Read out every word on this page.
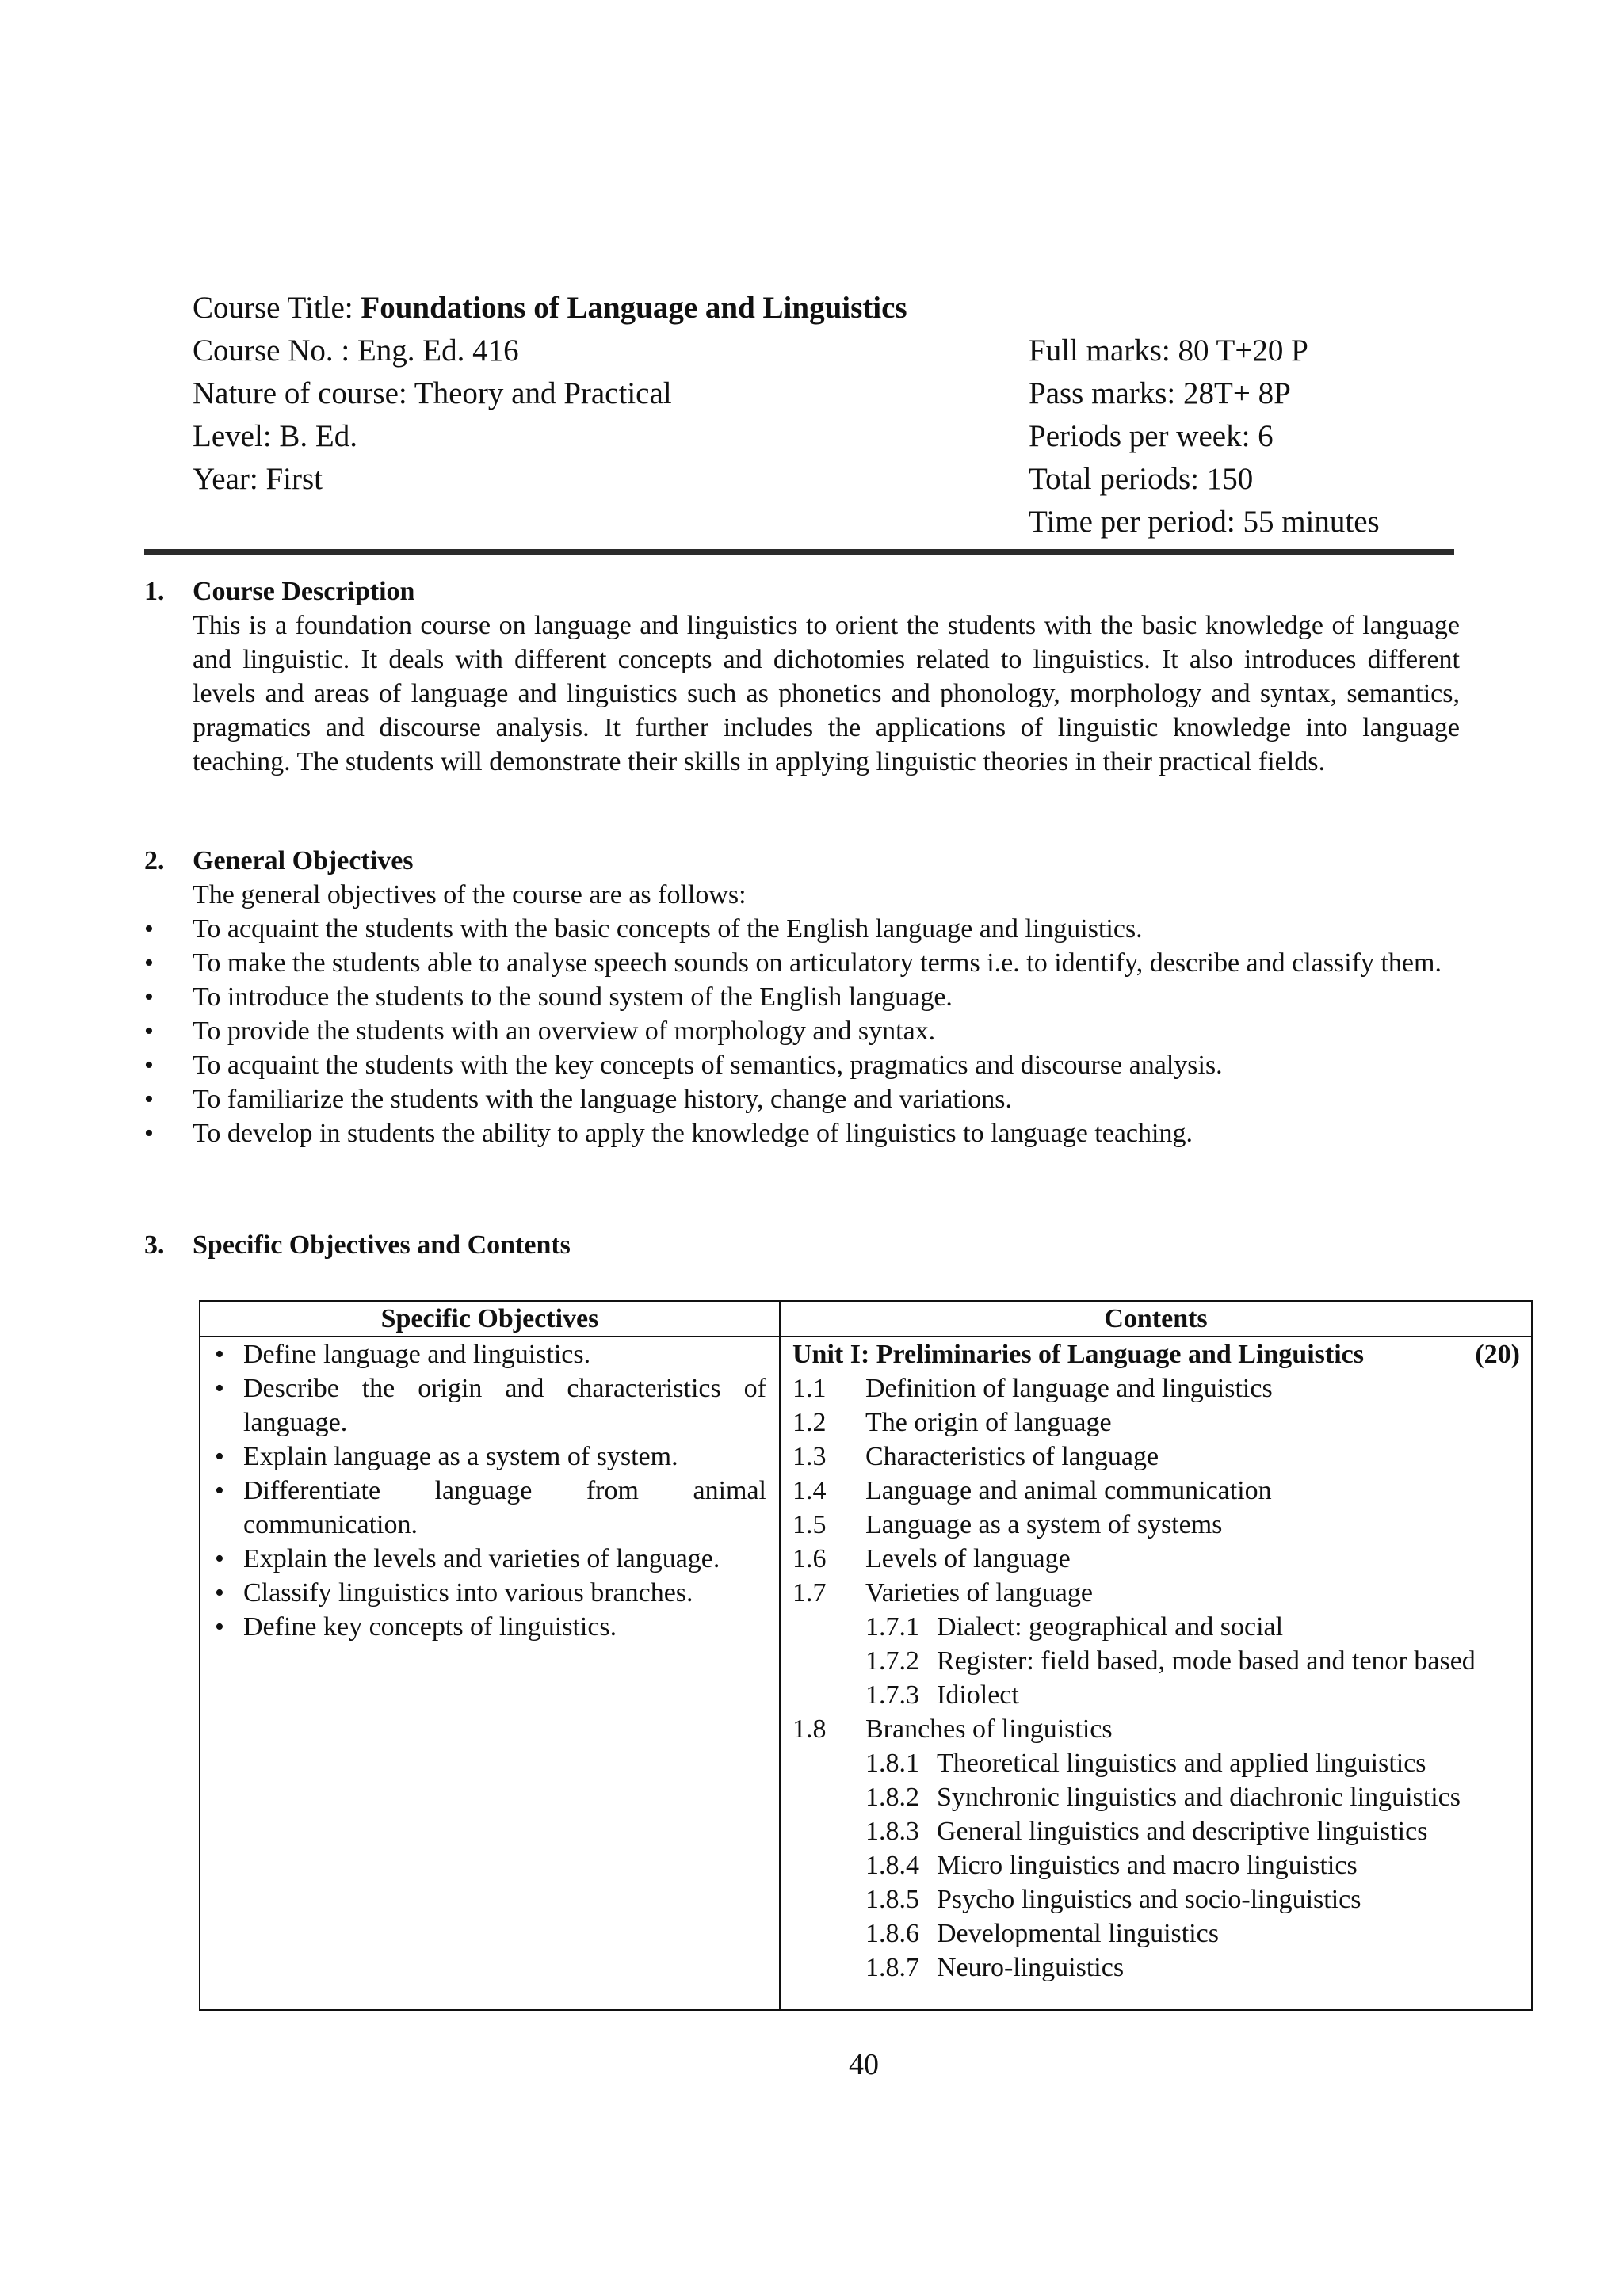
Course Title: Foundations of Language and Linguistics
Course No. : Eng. Ed. 416	Full marks: 80 T+20 P
Nature of course: Theory and Practical	Pass marks: 28T+ 8P
Level: B. Ed.	Periods per week: 6
Year: First	Total periods: 150
Time per period: 55 minutes
1.	Course Description
This is a foundation course on language and linguistics to orient the students with the basic knowledge of language and linguistic. It deals with different concepts and dichotomies related to linguistics. It also introduces different levels and areas of language and linguistics such as phonetics and phonology, morphology and syntax, semantics, pragmatics and discourse analysis. It further includes the applications of linguistic knowledge into language teaching. The students will demonstrate their skills in applying linguistic theories in their practical fields.
2.	General Objectives
The general objectives of the course are as follows:
• To acquaint the students with the basic concepts of the English language and linguistics.
• To make the students able to analyse speech sounds on articulatory terms i.e. to identify, describe and classify them.
• To introduce the students to the sound system of the English language.
• To provide the students with an overview of morphology and syntax.
• To acquaint the students with the key concepts of semantics, pragmatics and discourse analysis.
• To familiarize the students with the language history, change and variations.
• To develop in students the ability to apply the knowledge of linguistics to language teaching.
3.	Specific Objectives and Contents
Specific Objectives	Contents
• Define language and linguistics.
• Describe the origin and characteristics of language.
• Explain language as a system of system.
• Differentiate language from animal communication.
• Explain the levels and varieties of language.
• Classify linguistics into various branches.
• Define key concepts of linguistics.
Unit I: Preliminaries of Language and Linguistics	(20)
1.1	Definition of language and linguistics
1.2	The origin of language
1.3	Characteristics of language
1.4	Language and animal communication
1.5	Language as a system of systems
1.6	Levels of language
1.7	Varieties of language
1.7.1 Dialect: geographical and social
1.7.2 Register: field based, mode based and tenor based
1.7.3 Idiolect
1.8	Branches of linguistics
1.8.1 Theoretical linguistics and applied linguistics
1.8.2 Synchronic linguistics and diachronic linguistics
1.8.3 General linguistics and descriptive linguistics
1.8.4 Micro linguistics and macro linguistics
1.8.5 Psycho linguistics and socio-linguistics
1.8.6 Developmental linguistics
1.8.7 Neuro-linguistics
40
